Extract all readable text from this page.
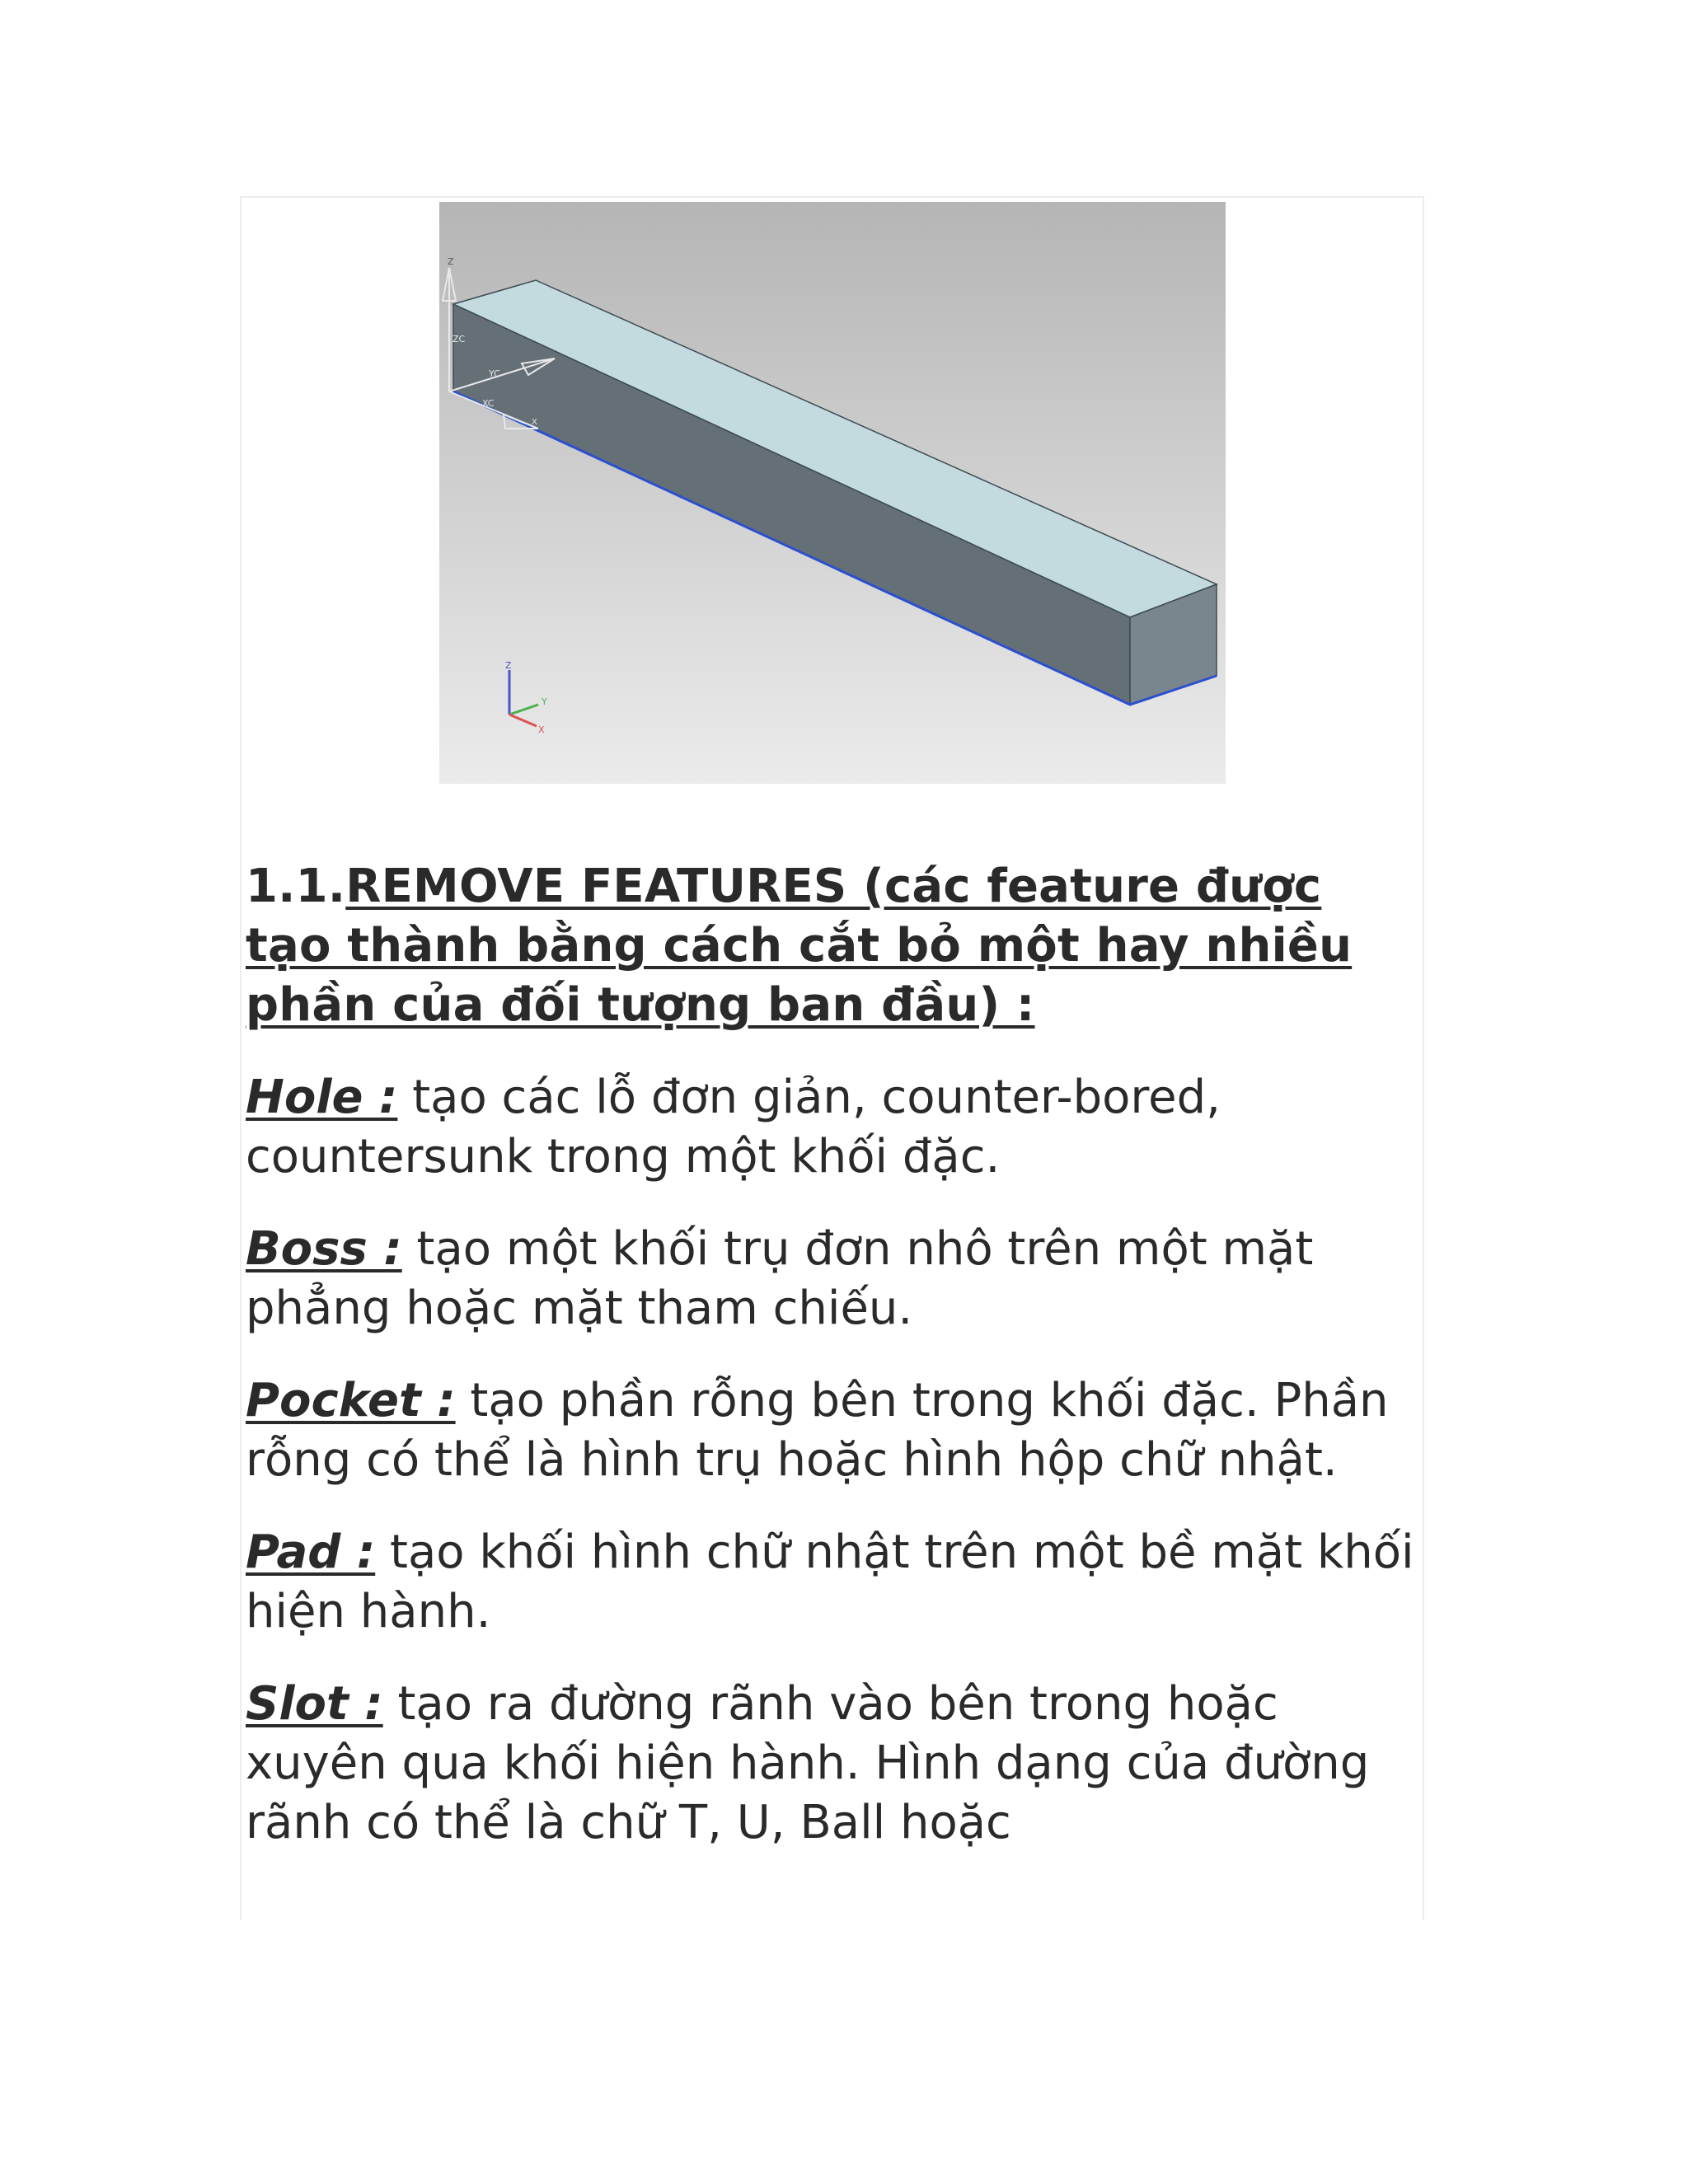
Z
ZC
YC
XC
X
Z
Y
X

1.1.REMOVE FEATURES (các feature được tạo thành bằng cách cắt bỏ một hay nhiều phần của đối tượng ban đầu) :

Hole : tạo các lỗ đơn giản, counter-bored, countersunk trong một khối đặc.

Boss : tạo một khối trụ đơn nhô trên một mặt phẳng hoặc mặt tham chiếu.

Pocket : tạo phần rỗng bên trong khối đặc. Phần rỗng có thể là hình trụ hoặc hình hộp chữ nhật.

Pad : tạo khối hình chữ nhật trên một bề mặt khối hiện hành.

Slot : tạo ra đường rãnh vào bên trong hoặc xuyên qua khối hiện hành. Hình dạng của đường rãnh có thể là chữ T, U, Ball hoặc
